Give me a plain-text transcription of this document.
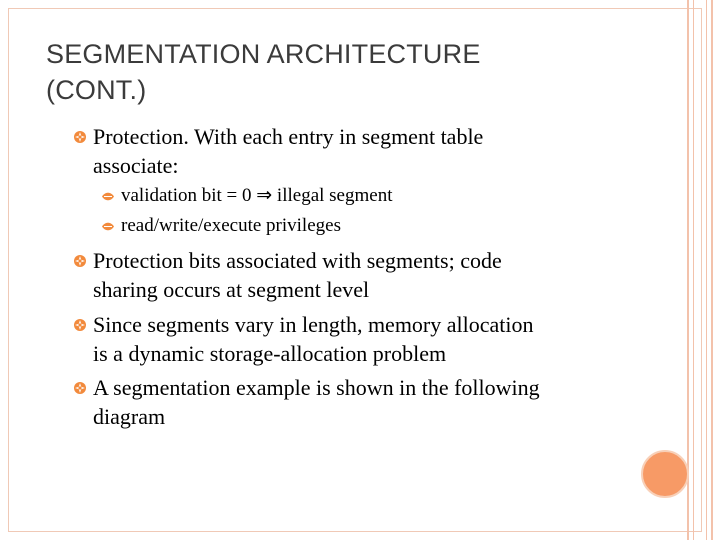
SEGMENTATION ARCHITECTURE
(CONT.)
Protection. With each entry in segment table
associate:
validation bit = 0 ⇒ illegal segment
read/write/execute privileges
Protection bits associated with segments; code
sharing occurs at segment level
Since segments vary in length, memory allocation
is a dynamic storage-allocation problem
A segmentation example is shown in the following
diagram
